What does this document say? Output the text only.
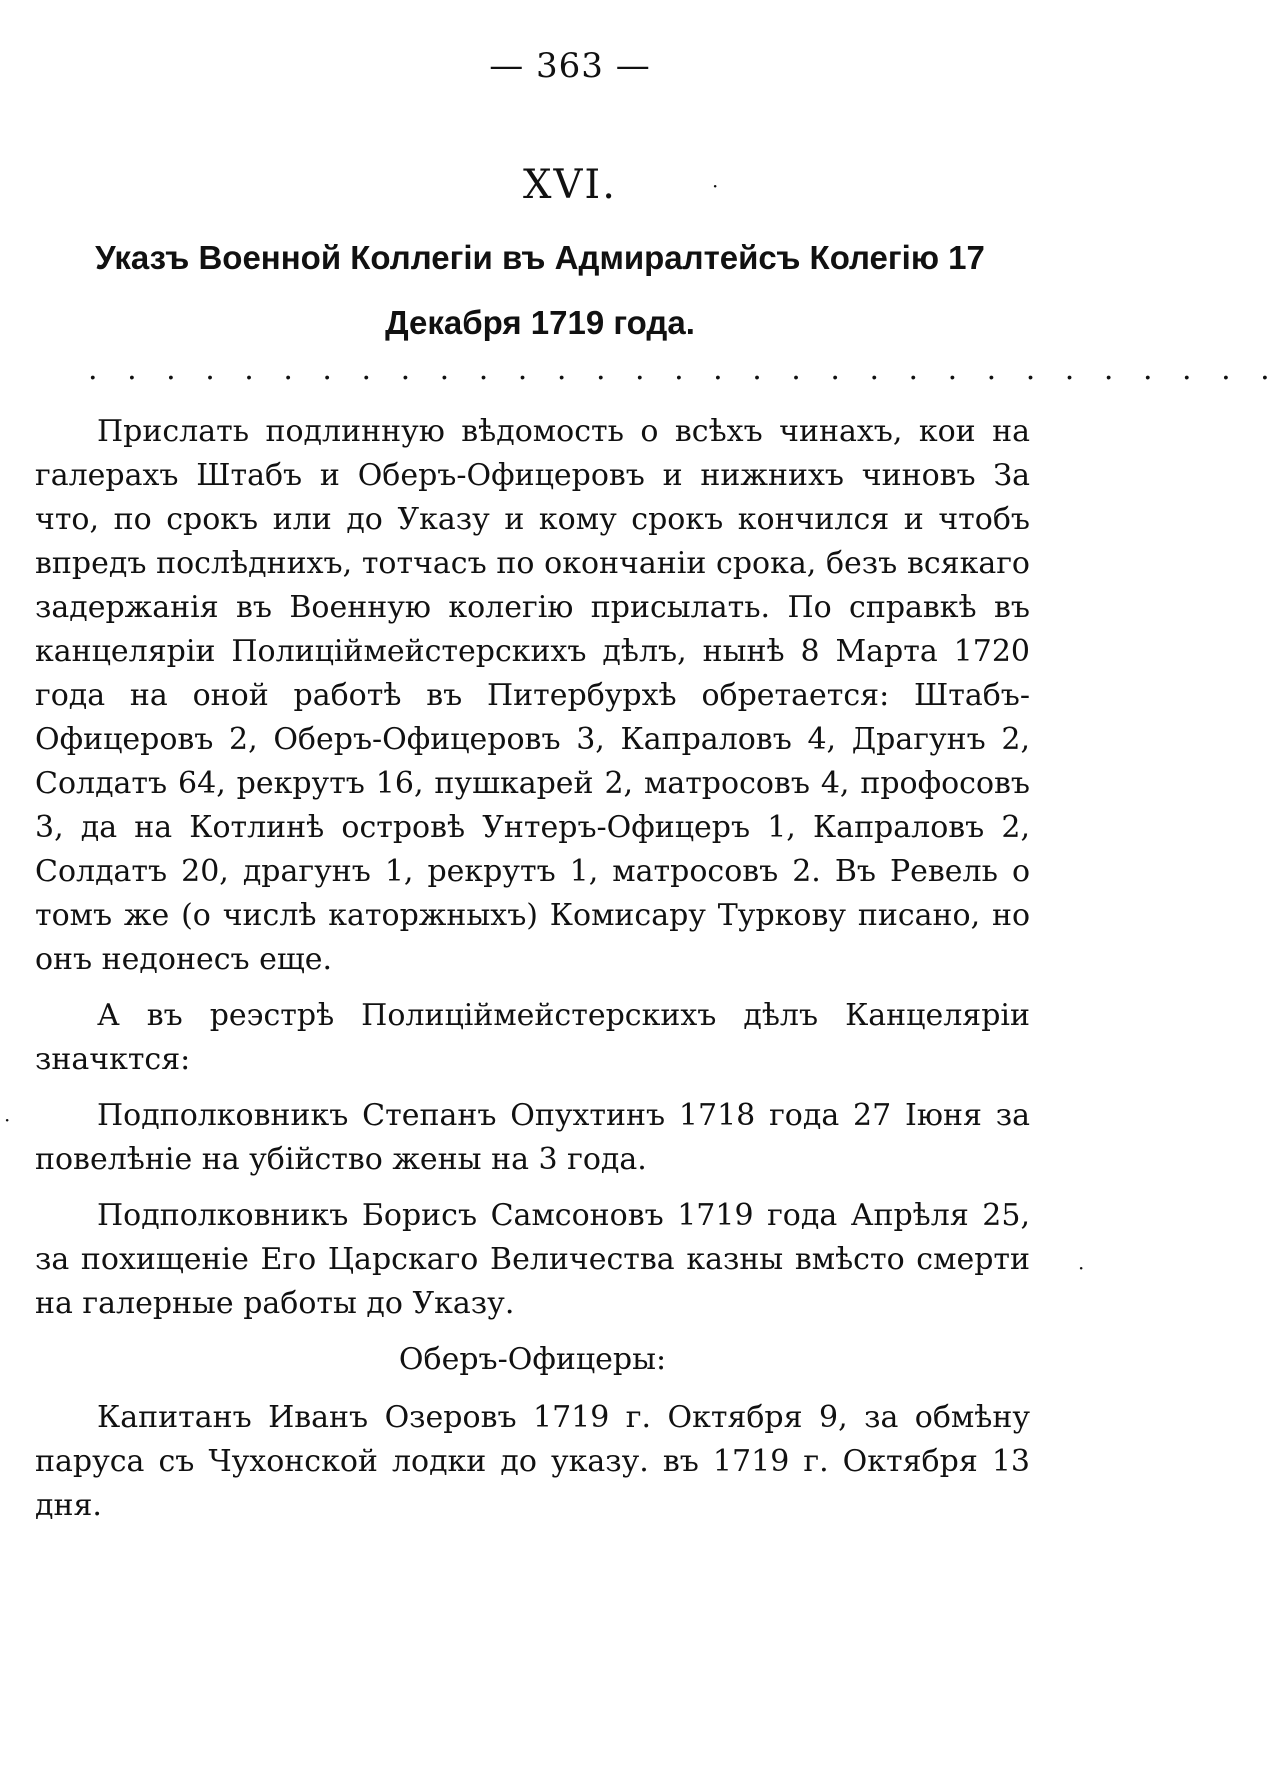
— 363 —
XVI.
Указъ Военной Коллегіи въ Адмиралтейсъ Колегію 17 Декабря 1719 года.
. . . . . . . . . . . . . . . . . . . . . . . . . . . . . . .

Прислать подлинную вѣдомость о всѣхъ чинахъ, кои на галерахъ Штабъ и Оберъ-Офицеровъ и нижнихъ чиновъ За что, по срокъ или до Указу и кому срокъ кончился и чтобъ впредъ послѣднихъ, тотчасъ по окончаніи срока, безъ всякаго задержанія въ Военную колегію присылать. По справкѣ въ канцеляріи Полиціймейстерскихъ дѣлъ, нынѣ 8 Марта 1720 года на оной работѣ въ Питербурхѣ обретается: Штабъ-Офицеровъ 2, Оберъ-Офицеровъ 3, Капраловъ 4, Драгунъ 2, Солдатъ 64, рекрутъ 16, пушкарей 2, матросовъ 4, профосовъ 3, да на Котлинѣ островѣ Унтеръ-Офицеръ 1, Капраловъ 2, Солдатъ 20, драгунъ 1, рекрутъ 1, матросовъ 2. Въ Ревель о томъ же (о числѣ каторжныхъ) Комисару Туркову писано, но онъ недонесъ еще.

А въ реэстрѣ Полиціймейстерскихъ дѣлъ Канцеляріи значктся:

Подполковникъ Степанъ Опухтинъ 1718 года 27 Іюня за повелѣніе на убійство жены на 3 года.

Подполковникъ Борисъ Самсоновъ 1719 года Апрѣля 25, за похищеніе Его Царскаго Величества казны вмѣсто смерти на галерные работы до Указу.

Оберъ-Офицеры:

Капитанъ Иванъ Озеровъ 1719 г. Октября 9, за обмѣну паруса съ Чухонской лодки до указу. въ 1719 г. Октября 13 дня.

·
·
·
